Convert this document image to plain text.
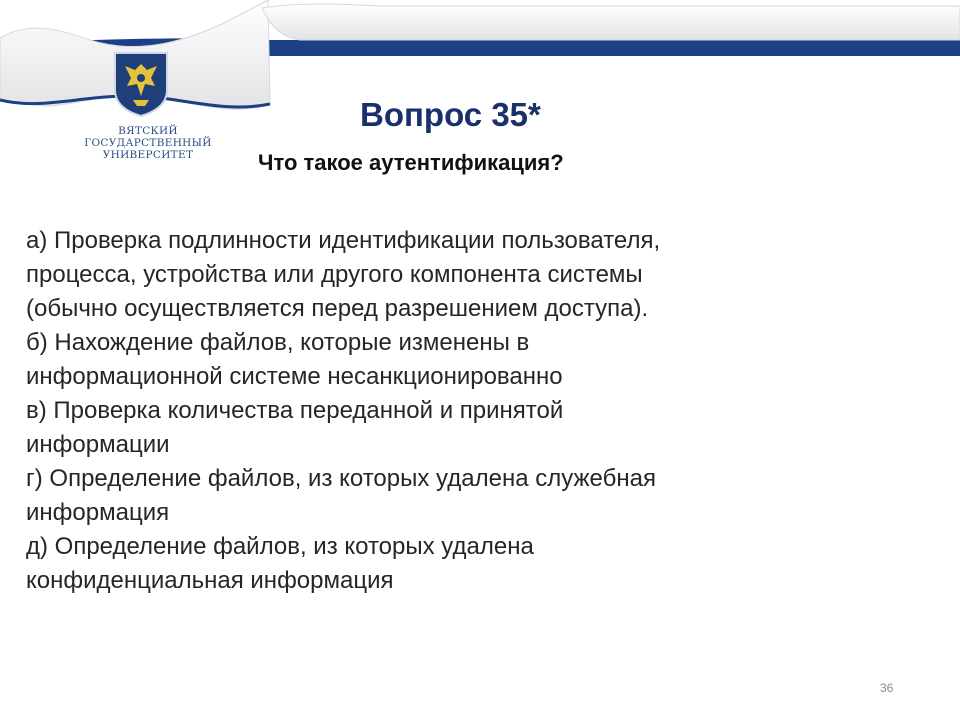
ВЯТСКИЙ
ГОСУДАРСТВЕННЫЙ
УНИВЕРСИТЕТ
Вопрос 35*
Что такое аутентификация?
а) Проверка подлинности идентификации пользователя,
процесса, устройства или другого компонента системы
(обычно осуществляется перед разрешением доступа).
б) Нахождение файлов, которые изменены в
информационной системе несанкционированно
в) Проверка количества переданной и принятой
информации
г) Определение файлов, из которых удалена служебная
информация
д) Определение файлов, из которых удалена
конфиденциальная информация
36
